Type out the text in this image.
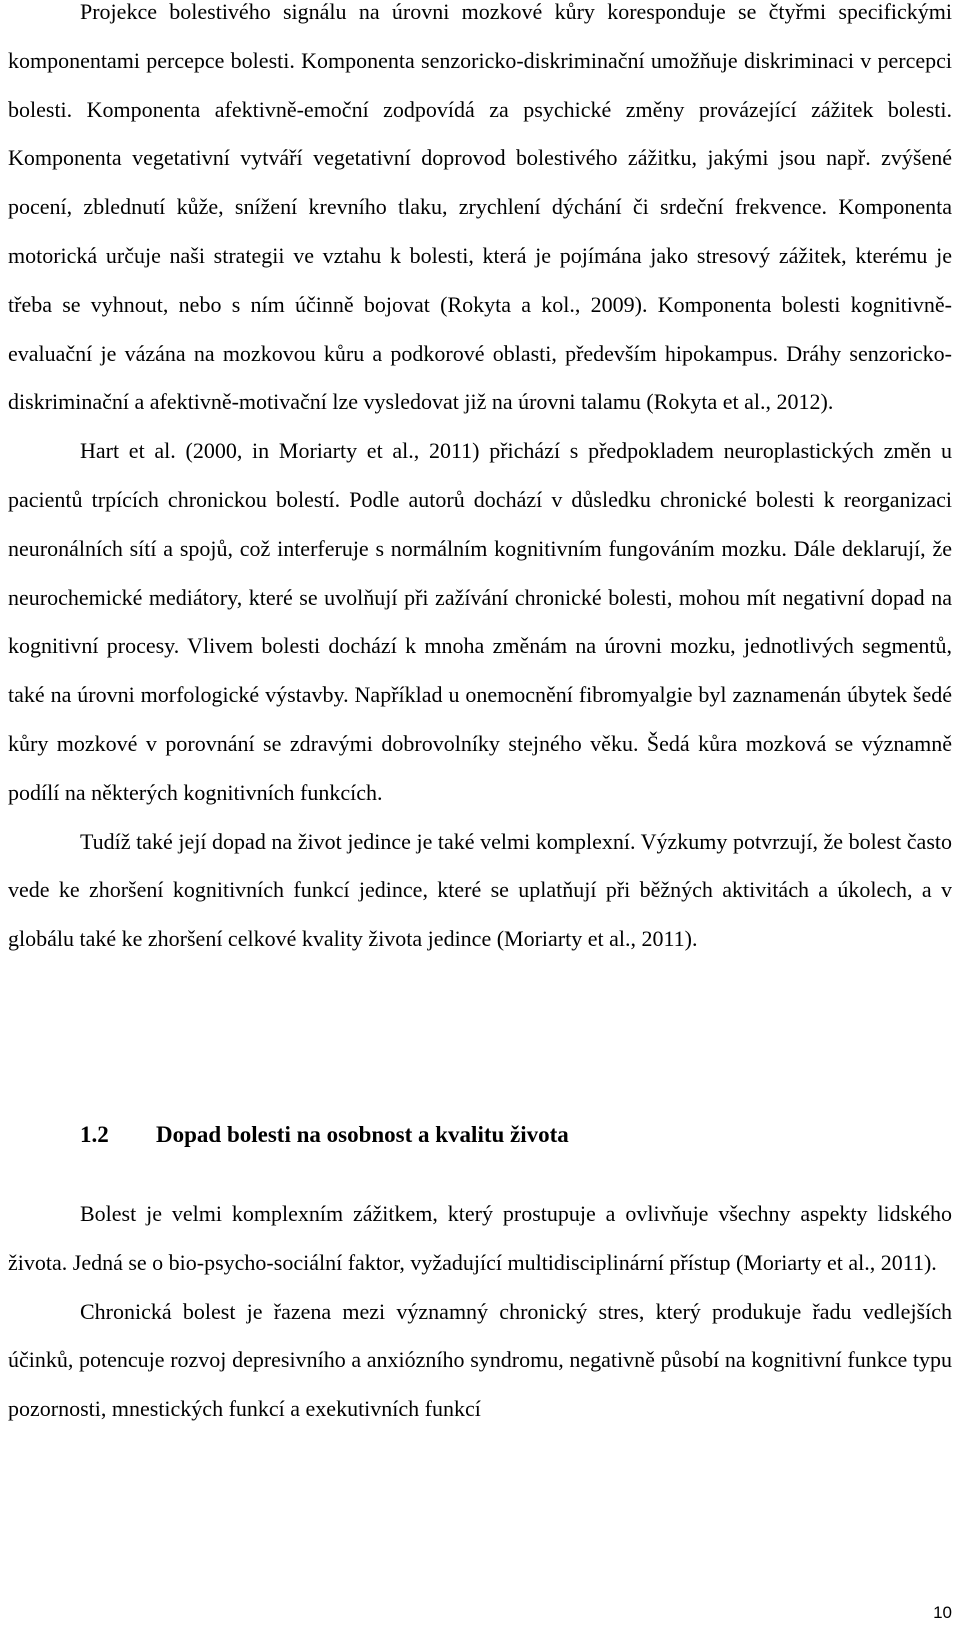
Projekce bolestivého signálu na úrovni mozkové kůry koresponduje se čtyřmi specifickými komponentami percepce bolesti. Komponenta senzoricko-diskriminační umožňuje diskriminaci v percepci bolesti. Komponenta afektivně-emoční zodpovídá za psychické změny provázející zážitek bolesti. Komponenta vegetativní vytváří vegetativní doprovod bolestivého zážitku, jakými jsou např. zvýšené pocení, zblednutí kůže, snížení krevního tlaku, zrychlení dýchání či srdeční frekvence. Komponenta motorická určuje naši strategii ve vztahu k bolesti, která je pojímána jako stresový zážitek, kterému je třeba se vyhnout, nebo s ním účinně bojovat (Rokyta a kol., 2009). Komponenta bolesti kognitivně-evaluační je vázána na mozkovou kůru a podkorové oblasti, především hipokampus. Dráhy senzoricko-diskriminační a afektivně-motivační lze vysledovat již na úrovni talamu (Rokyta et al., 2012).

Hart et al. (2000, in Moriarty et al., 2011) přichází s předpokladem neuroplastických změn u pacientů trpících chronickou bolestí. Podle autorů dochází v důsledku chronické bolesti k reorganizaci neuronálních sítí a spojů, což interferuje s normálním kognitivním fungováním mozku. Dále deklarují, že neurochemické mediátory, které se uvolňují při zažívání chronické bolesti, mohou mít negativní dopad na kognitivní procesy. Vlivem bolesti dochází k mnoha změnám na úrovni mozku, jednotlivých segmentů, také na úrovni morfologické výstavby. Například u onemocnění fibromyalgie byl zaznamenán úbytek šedé kůry mozkové v porovnání se zdravými dobrovolníky stejného věku. Šedá kůra mozková se významně podílí na některých kognitivních funkcích.

Tudíž také její dopad na život jedince je také velmi komplexní. Výzkumy potvrzují, že bolest často vede ke zhoršení kognitivních funkcí jedince, které se uplatňují při běžných aktivitách a úkolech, a v globálu také ke zhoršení celkové kvality života jedince (Moriarty et al., 2011).

1.2 Dopad bolesti na osobnost a kvalitu života

Bolest je velmi komplexním zážitkem, který prostupuje a ovlivňuje všechny aspekty lidského života. Jedná se o bio-psycho-sociální faktor, vyžadující multidisciplinární přístup (Moriarty et al., 2011).

Chronická bolest je řazena mezi významný chronický stres, který produkuje řadu vedlejších účinků, potencuje rozvoj depresivního a anxiózního syndromu, negativně působí na kognitivní funkce typu pozornosti, mnestických funkcí a exekutivních funkcí

10
